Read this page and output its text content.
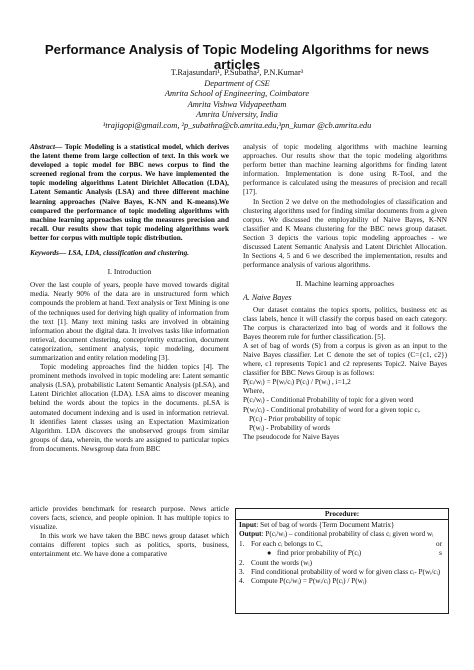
Performance Analysis of Topic Modeling Algorithms for news articles
T.Rajasundari¹, P.Subatha², P.N.Kumar³
Department of CSE
Amrita School of Engineering, Coimbatore
Amrita Vishwa Vidyapeetham
Amrita University, India
¹trajigopi@gmail.com, ²p_subathra@cb.amrita.edu,³pn_kumar @cb.amrita.edu

Abstract— Topic Modeling is a statistical model, which derives the latent theme from large collection of text. In this work we developed a topic model for BBC news corpus to find the screened regional from the corpus. We have implemented the topic modeling algorithms Latent Dirichlet Allocation (LDA), Latent Semantic Analysis (LSA) and three different machine learning approaches (Naive Bayes, K-NN and K-means).We compared the performance of topic modeling algorithms with machine learning approaches using the measures precision and recall. Our results show that topic modeling algorithms work better for corpus with multiple topic distribution.

Keywords— LSA, LDA, classification and clustering.

I. Introduction

Over the last couple of years, people have moved towards digital media. Nearly 90% of the data are in unstructured form which compounds the problem at hand. Text analysis or Text Mining is one of the techniques used for deriving high quality of information from the text [1]. Many text mining tasks are involved in obtaining information about the digital data. It involves tasks like information retrieval, document clustering, concept/entity extraction, document categorization, sentiment analysis, topic modeling, document summarization and entity relation modeling [3].

Topic modeling approaches find the hidden topics [4]. The prominent methods involved in topic modeling are: Latent semantic analysis (LSA), probabilistic Latent Semantic Analysis (pLSA), and Latent Dirichlet allocation (LDA). LSA aims to discover meaning behind the words about the topics in the documents. pLSA is automated document indexing and is used in information retrieval. It identifies latent classes using an Expectation Maximization Algorithm. LDA discovers the unobserved groups from similar groups of data, wherein, the words are assigned to particular topics from documents. Newsgroup data from BBC

article provides benchmark for research purpose. News article covers facts, science, and people opinion. It has multiple topics to visualize.

In this work we have taken the BBC news group dataset which contains different topics such as politics, sports, business, entertainment etc. We have done a comparative

analysis of topic modeling algorithms with machine learning approaches. Our results show that the topic modeling algorithms perform better than machine learning algorithms for finding latent information. Implementation is done using R-Tool, and the performance is calculated using the measures of precision and recall [17].

In Section 2 we delve on the methodologies of classification and clustering algorithms used for finding similar documents from a given corpus. We discussed the employability of Naive Bayes, K-NN classifier and K Means clustering for the BBC news group dataset. Section 3 depicts the various topic modeling approaches - we discussed Latent Semantic Analysis and Latent Dirichlet Allocation. In Sections 4, 5 and 6 we described the implementation, results and performance analysis of various algorithms.

II. Machine learning approaches
A. Naive Bayes

Our dataset contains the topics sports, politics, business etc as class labels, hence it will classify the corpus based on each category. The corpus is characterized into bag of words and it follows the Bayes theorem rule for further classification. [5].

A set of bag of words (S) from a corpus is given as an input to the Naive Bayes classifier. Let C denote the set of topics (C={c1, c2}) where, c1 represents Topic1 and c2 represents Topic2. Naive Bayes classifier for BBC News Group is as follows:

P(cᵢ/wᵢ) = P(wᵢ/cᵢ) P(cᵢ) / P(wᵢ) , i=1,2

Where,

P(cᵢ/wᵢ) - Conditional Probability of topic for a given word

P(wᵢ/cᵢ) - Conditional probability of word for a given topic cᵢ.

P(cᵢ) - Prior probability of topic

P(wᵢ) - Probability of words

The pseudocode for Naive Bayes

Procedure:
Input: Set of bag of words {Term Document Matrix}
Output: P(cᵢ/wᵢ) – conditional probability of class cᵢ given word wᵢ
1. For each cᵢ belongs to C,	or
● find prior probability of P(cᵢ)	s
2. Count the words (wᵢ)
3. Find conditional probability of word w for given class cᵢ- P(wᵢ/cᵢ)
4. Compute P(cᵢ/wᵢ) = P(wᵢ/cᵢ) P(cᵢ) / P(wᵢ)
